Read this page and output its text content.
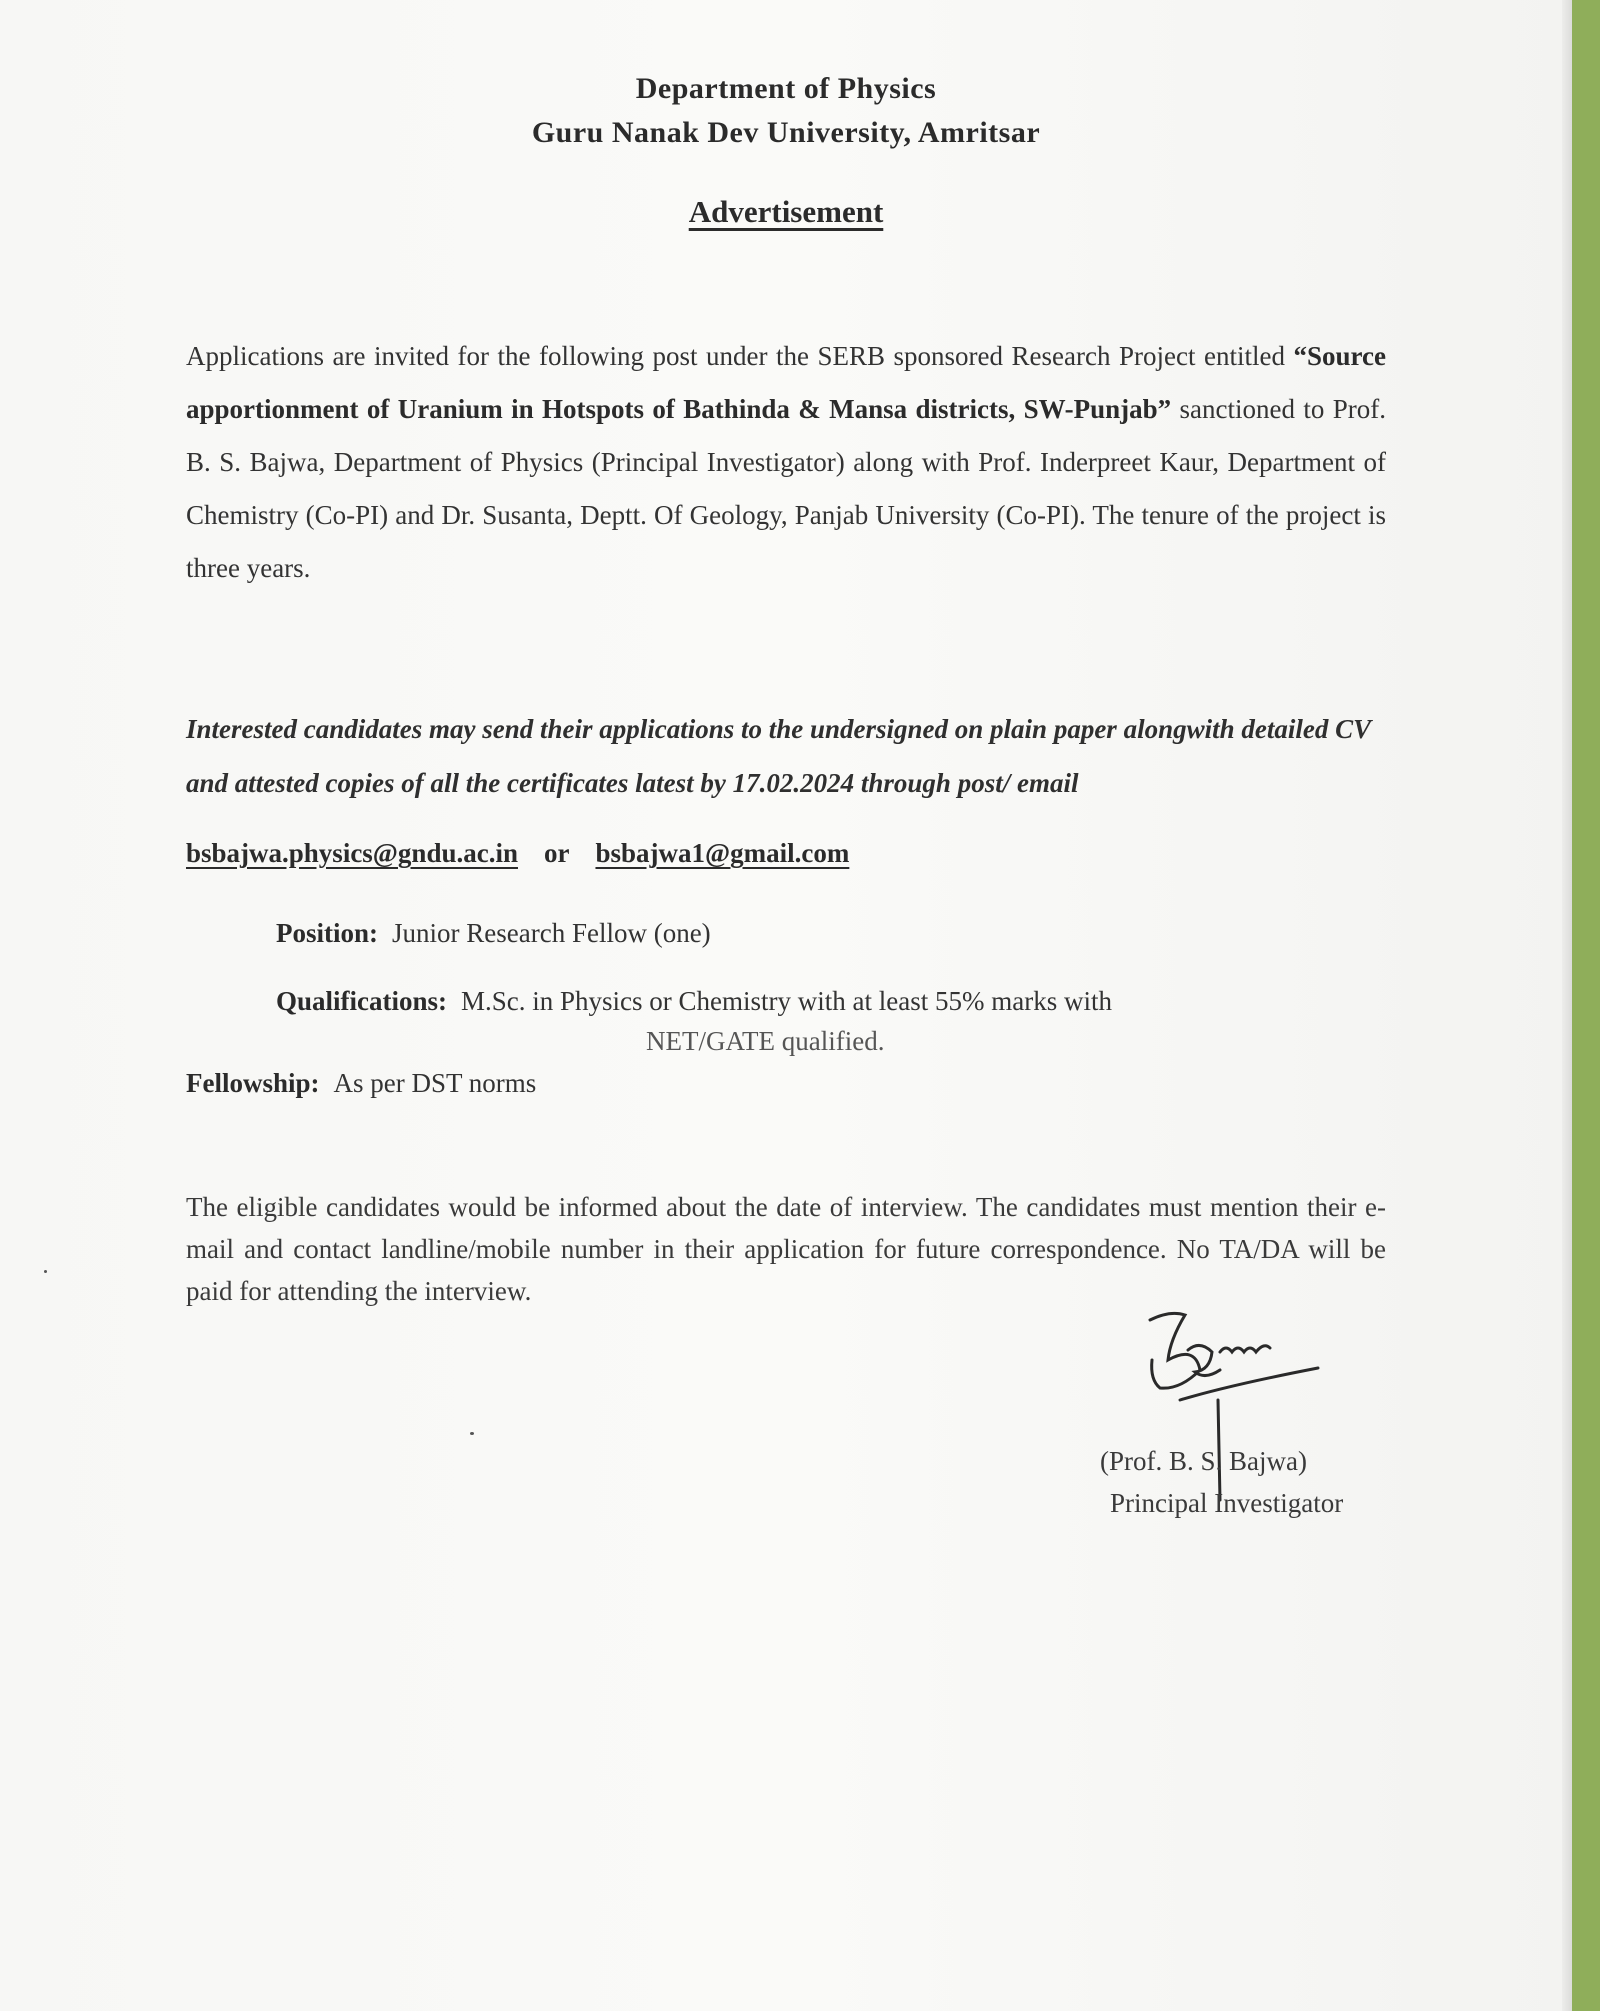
Department of Physics
Guru Nanak Dev University, Amritsar
Advertisement
Applications are invited for the following post under the SERB sponsored Research Project entitled “Source apportionment of Uranium in Hotspots of Bathinda & Mansa districts, SW-Punjab” sanctioned to Prof. B. S. Bajwa, Department of Physics (Principal Investigator) along with Prof. Inderpreet Kaur, Department of Chemistry (Co-PI) and Dr. Susanta, Deptt. Of Geology, Panjab University (Co-PI). The tenure of the project is three years.
Interested candidates may send their applications to the undersigned on plain paper alongwith detailed CV and attested copies of all the certificates latest by 17.02.2024 through post/ email
bsbajwa.physics@gndu.ac.in or bsbajwa1@gmail.com
Position: Junior Research Fellow (one)
Qualifications: M.Sc. in Physics or Chemistry with at least 55% marks with
NET/GATE qualified.
Fellowship: As per DST norms
The eligible candidates would be informed about the date of interview. The candidates must mention their e-mail and contact landline/mobile number in their application for future correspondence. No TA/DA will be paid for attending the interview.
(Prof. B. S. Bajwa)
Principal Investigator
